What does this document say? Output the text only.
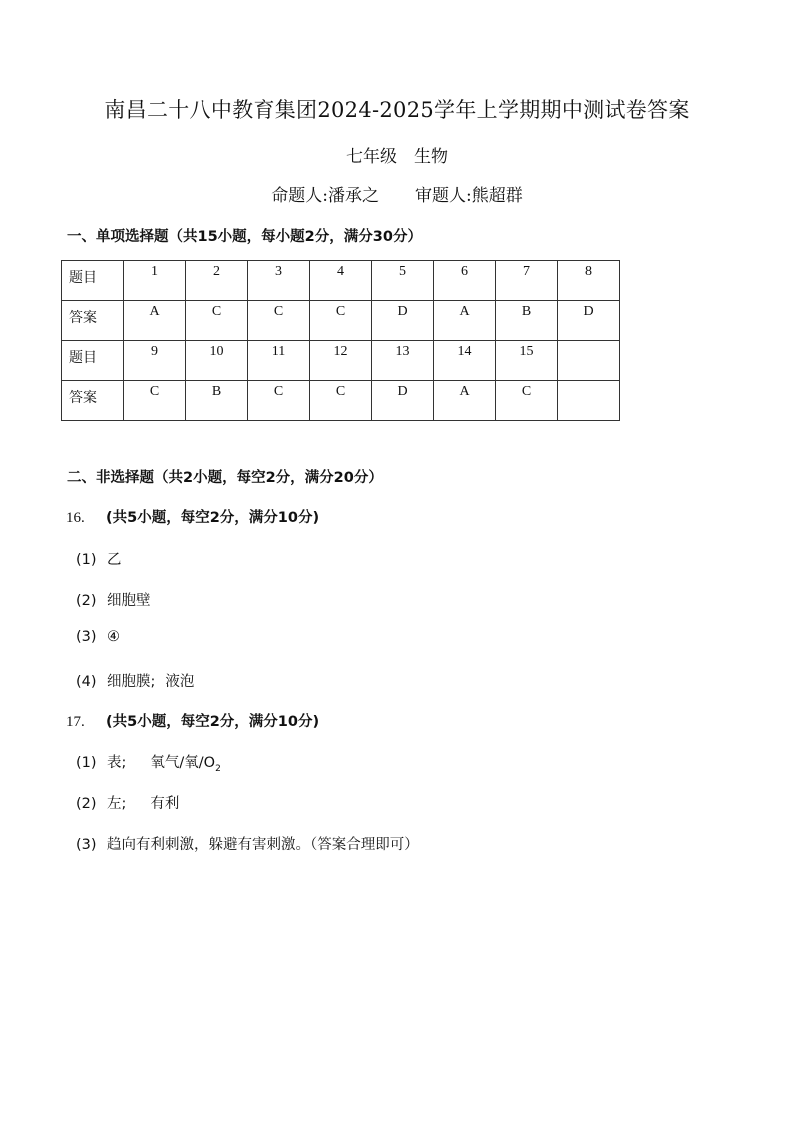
南昌二十八中教育集团2024-2025学年上学期期中测试卷答案
七年级　生物
命题人:潘承之 审题人:熊超群
一、单项选择题（共15小题，每小题2分，满分30分）
题目	1	2	3	4	5	6	7	8
答案	A	C	C	C	D	A	B	D
题目	9	10	11	12	13	14	15	
答案	C	B	C	C	D	A	C	
二、非选择题（共2小题，每空2分，满分20分）
16. (共5小题，每空2分，满分10分)
(1) 乙
(2) 细胞壁
(3) ④
(4) 细胞膜; 液泡
17. (共5小题，每空2分，满分10分)
(1) 表; 氧气/氧$/O_2$
(2) 左; 有利
(3) 趋向有利刺激，躲避有害刺激。（答案合理即可）
